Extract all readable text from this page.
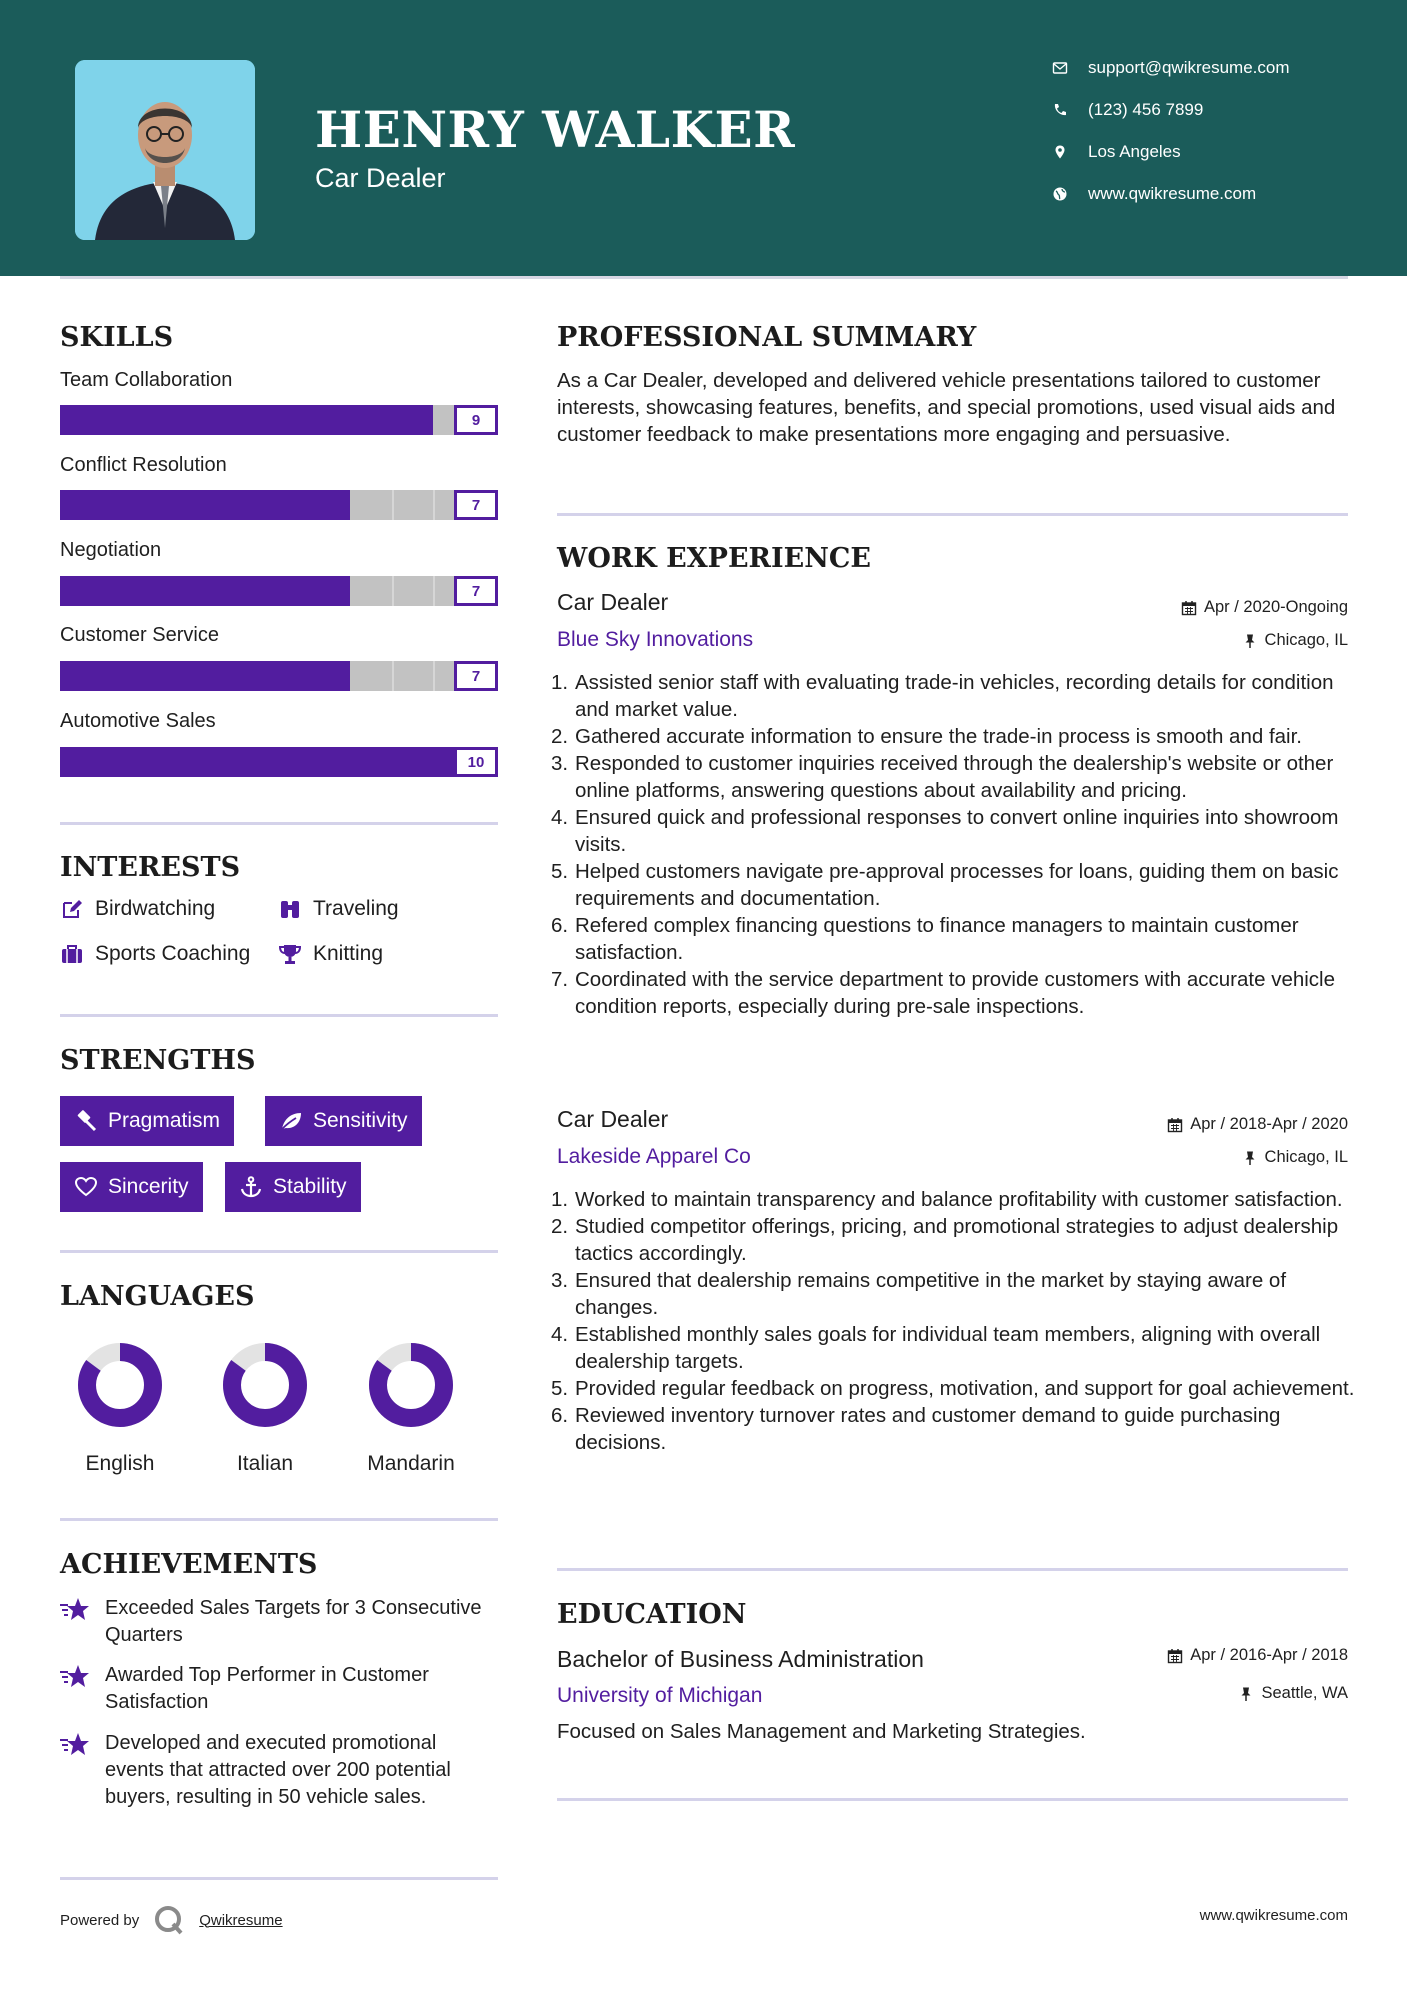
HENRY WALKER
Car Dealer
support@qwikresume.com
(123) 456 7899
Los Angeles
www.qwikresume.com
SKILLS
Team Collaboration
9
Conflict Resolution
7
Negotiation
7
Customer Service
7
Automotive Sales
10
INTERESTS
Birdwatching	Traveling
Sports Coaching	Knitting
STRENGTHS
Pragmatism	Sensitivity
Sincerity	Stability
LANGUAGES
English	Italian	Mandarin
ACHIEVEMENTS
Exceeded Sales Targets for 3 Consecutive Quarters
Awarded Top Performer in Customer Satisfaction
Developed and executed promotional events that attracted over 200 potential buyers, resulting in 50 vehicle sales.
Powered by	Qwikresume	www.qwikresume.com
PROFESSIONAL SUMMARY
As a Car Dealer, developed and delivered vehicle presentations tailored to customer interests, showcasing features, benefits, and special promotions, used visual aids and customer feedback to make presentations more engaging and persuasive.
WORK EXPERIENCE
Car Dealer	Apr / 2020-Ongoing
Blue Sky Innovations	Chicago, IL
1. Assisted senior staff with evaluating trade-in vehicles, recording details for condition and market value.
2. Gathered accurate information to ensure the trade-in process is smooth and fair.
3. Responded to customer inquiries received through the dealership's website or other online platforms, answering questions about availability and pricing.
4. Ensured quick and professional responses to convert online inquiries into showroom visits.
5. Helped customers navigate pre-approval processes for loans, guiding them on basic requirements and documentation.
6. Refered complex financing questions to finance managers to maintain customer satisfaction.
7. Coordinated with the service department to provide customers with accurate vehicle condition reports, especially during pre-sale inspections.
Car Dealer	Apr / 2018-Apr / 2020
Lakeside Apparel Co	Chicago, IL
1. Worked to maintain transparency and balance profitability with customer satisfaction.
2. Studied competitor offerings, pricing, and promotional strategies to adjust dealership tactics accordingly.
3. Ensured that dealership remains competitive in the market by staying aware of changes.
4. Established monthly sales goals for individual team members, aligning with overall dealership targets.
5. Provided regular feedback on progress, motivation, and support for goal achievement.
6. Reviewed inventory turnover rates and customer demand to guide purchasing decisions.
EDUCATION
Bachelor of Business Administration	Apr / 2016-Apr / 2018
University of Michigan	Seattle, WA
Focused on Sales Management and Marketing Strategies.
